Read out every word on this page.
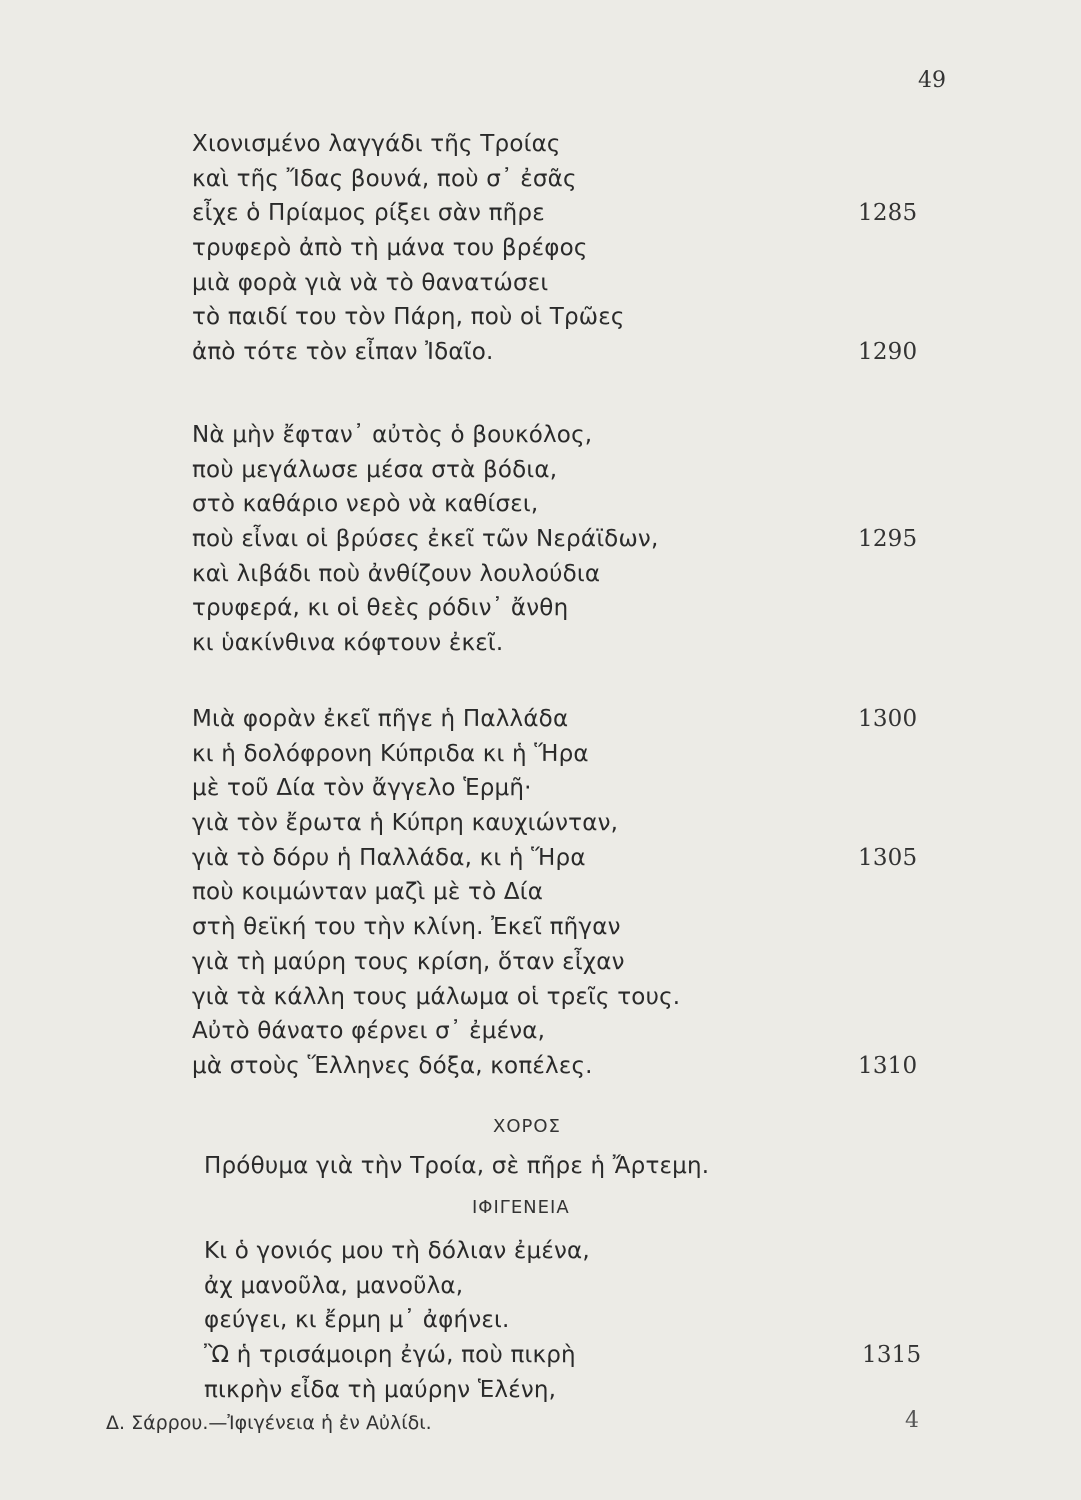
49
Χιονισμένο λαγγάδι τῆς Τροίας
καὶ τῆς Ἴδας βουνά, ποὺ σ᾿ ἐσᾶς
εἶχε ὁ Πρίαμος ρίξει σὰν πῆρε	1285
τρυφερὸ ἀπὸ τὴ μάνα του βρέφος
μιὰ φορὰ γιὰ νὰ τὸ θανατώσει
τὸ παιδί του τὸν Πάρη, ποὺ οἱ Τρῶες
ἀπὸ τότε τὸν εἶπαν Ἰδαῖο.	1290
Νὰ μὴν ἔφταν᾿ αὐτὸς ὁ βουκόλος,
ποὺ μεγάλωσε μέσα στὰ βόδια,
στὸ καθάριο νερὸ νὰ καθίσει,
ποὺ εἶναι οἱ βρύσες ἐκεῖ τῶν Νεράϊδων,	1295
καὶ λιβάδι ποὺ ἀνθίζουν λουλούδια
τρυφερά, κι οἱ θεὲς ρόδιν᾿ ἄνθη
κι ὑακίνθινα κόφτουν ἐκεῖ.
Μιὰ φορὰν ἐκεῖ πῆγε ἡ Παλλάδα	1300
κι ἡ δολόφρονη Κύπριδα κι ἡ Ἥρα
μὲ τοῦ Δία τὸν ἄγγελο Ἑρμῆ·
γιὰ τὸν ἔρωτα ἡ Κύπρη καυχιώνταν,
γιὰ τὸ δόρυ ἡ Παλλάδα, κι ἡ Ἥρα	1305
ποὺ κοιμώνταν μαζὶ μὲ τὸ Δία
στὴ θεϊκή του τὴν κλίνη. Ἐκεῖ πῆγαν
γιὰ τὴ μαύρη τους κρίση, ὅταν εἶχαν
γιὰ τὰ κάλλη τους μάλωμα οἱ τρεῖς τους.
Αὐτὸ θάνατο φέρνει σ᾿ ἐμένα,
μὰ στοὺς Ἕλληνες δόξα, κοπέλες.	1310
ΧΟΡΟΣ
Πρόθυμα γιὰ τὴν Τροία, σὲ πῆρε ἡ Ἄρτεμη.
ΙΦΙΓΕΝΕΙΑ
Κι ὁ γονιός μου τὴ δόλιαν ἐμένα,
ἀχ μανοῦλα, μανοῦλα,
φεύγει, κι ἔρμη μ᾿ ἀφήνει.
Ὢ ἡ τρισάμοιρη ἐγώ, ποὺ πικρὴ	1315
πικρὴν εἶδα τὴ μαύρην Ἑλένη,
Δ. Σάρρου.—Ἰφιγένεια ἡ ἐν Αὐλίδι.	4
